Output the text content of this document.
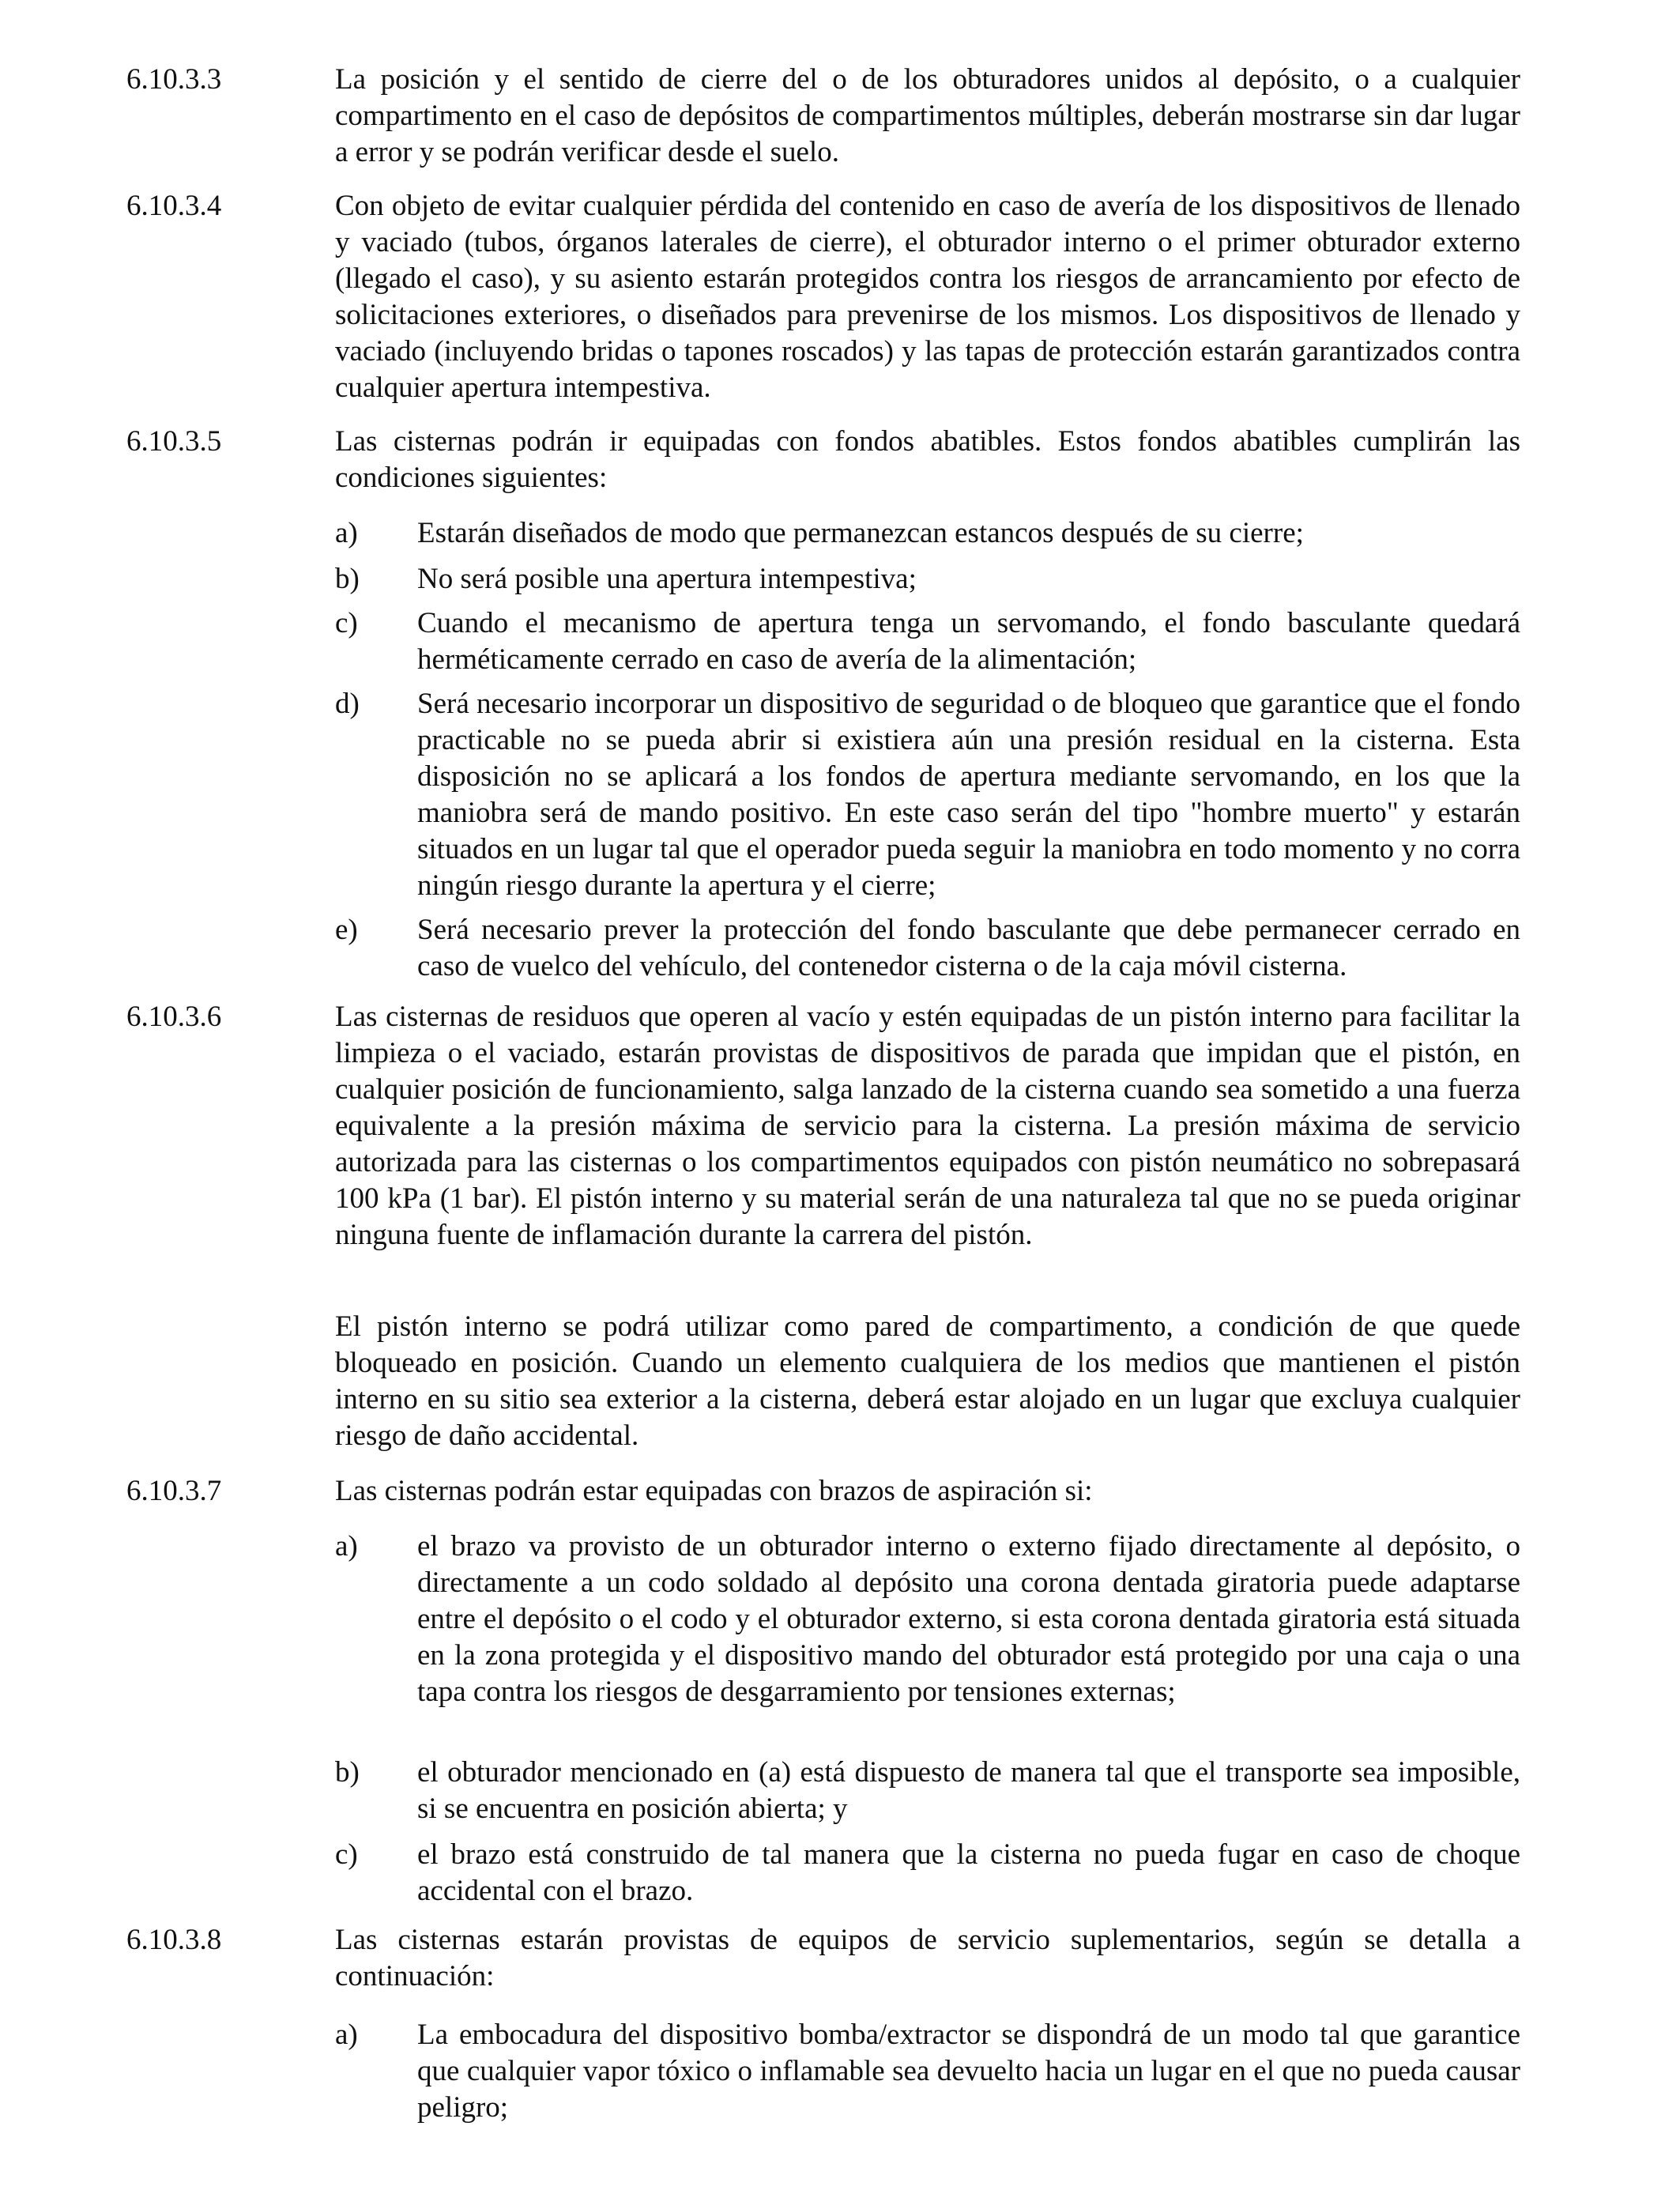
6.10.3.3	La posición y el sentido de cierre del o de los obturadores unidos al depósito, o a cualquier compartimento en el caso de depósitos de compartimentos múltiples, deberán mostrarse sin dar lugar a error y se podrán verificar desde el suelo.

6.10.3.4	Con objeto de evitar cualquier pérdida del contenido en caso de avería de los dispositivos de llenado y vaciado (tubos, órganos laterales de cierre), el obturador interno o el primer obturador externo (llegado el caso), y su asiento estarán protegidos contra los riesgos de arrancamiento por efecto de solicitaciones exteriores, o diseñados para prevenirse de los mismos. Los dispositivos de llenado y vaciado (incluyendo bridas o tapones roscados) y las tapas de protección estarán garantizados contra cualquier apertura intempestiva.

6.10.3.5	Las cisternas podrán ir equipadas con fondos abatibles. Estos fondos abatibles cumplirán las condiciones siguientes:

a) Estarán diseñados de modo que permanezcan estancos después de su cierre;
b) No será posible una apertura intempestiva;
c) Cuando el mecanismo de apertura tenga un servomando, el fondo basculante quedará herméticamente cerrado en caso de avería de la alimentación;
d) Será necesario incorporar un dispositivo de seguridad o de bloqueo que garantice que el fondo practicable no se pueda abrir si existiera aún una presión residual en la cisterna. Esta disposición no se aplicará a los fondos de apertura mediante servomando, en los que la maniobra será de mando positivo. En este caso serán del tipo "hombre muerto" y estarán situados en un lugar tal que el operador pueda seguir la maniobra en todo momento y no corra ningún riesgo durante la apertura y el cierre;
e) Será necesario prever la protección del fondo basculante que debe permanecer cerrado en caso de vuelco del vehículo, del contenedor cisterna o de la caja móvil cisterna.
6.10.3.6	Las cisternas de residuos que operen al vacío y estén equipadas de un pistón interno para facilitar la limpieza o el vaciado, estarán provistas de dispositivos de parada que impidan que el pistón, en cualquier posición de funcionamiento, salga lanzado de la cisterna cuando sea sometido a una fuerza equivalente a la presión máxima de servicio para la cisterna. La presión máxima de servicio autorizada para las cisternas o los compartimentos equipados con pistón neumático no sobrepasará 100 kPa (1 bar). El pistón interno y su material serán de una naturaleza tal que no se pueda originar ninguna fuente de inflamación durante la carrera del pistón.

El pistón interno se podrá utilizar como pared de compartimento, a condición de que quede bloqueado en posición. Cuando un elemento cualquiera de los medios que mantienen el pistón interno en su sitio sea exterior a la cisterna, deberá estar alojado en un lugar que excluya cualquier riesgo de daño accidental.

6.10.3.7	Las cisternas podrán estar equipadas con brazos de aspiración si:

a) el brazo va provisto de un obturador interno o externo fijado directamente al depósito, o directamente a un codo soldado al depósito una corona dentada giratoria puede adaptarse entre el depósito o el codo y el obturador externo, si esta corona dentada giratoria está situada en la zona protegida y el dispositivo mando del obturador está protegido por una caja o una tapa contra los riesgos de desgarramiento por tensiones externas;
b) el obturador mencionado en (a) está dispuesto de manera tal que el transporte sea imposible, si se encuentra en posición abierta; y
c) el brazo está construido de tal manera que la cisterna no pueda fugar en caso de choque accidental con el brazo.
6.10.3.8	Las cisternas estarán provistas de equipos de servicio suplementarios, según se detalla a continuación:

a) La embocadura del dispositivo bomba/extractor se dispondrá de un modo tal que garantice que cualquier vapor tóxico o inflamable sea devuelto hacia un lugar en el que no pueda causar peligro;
